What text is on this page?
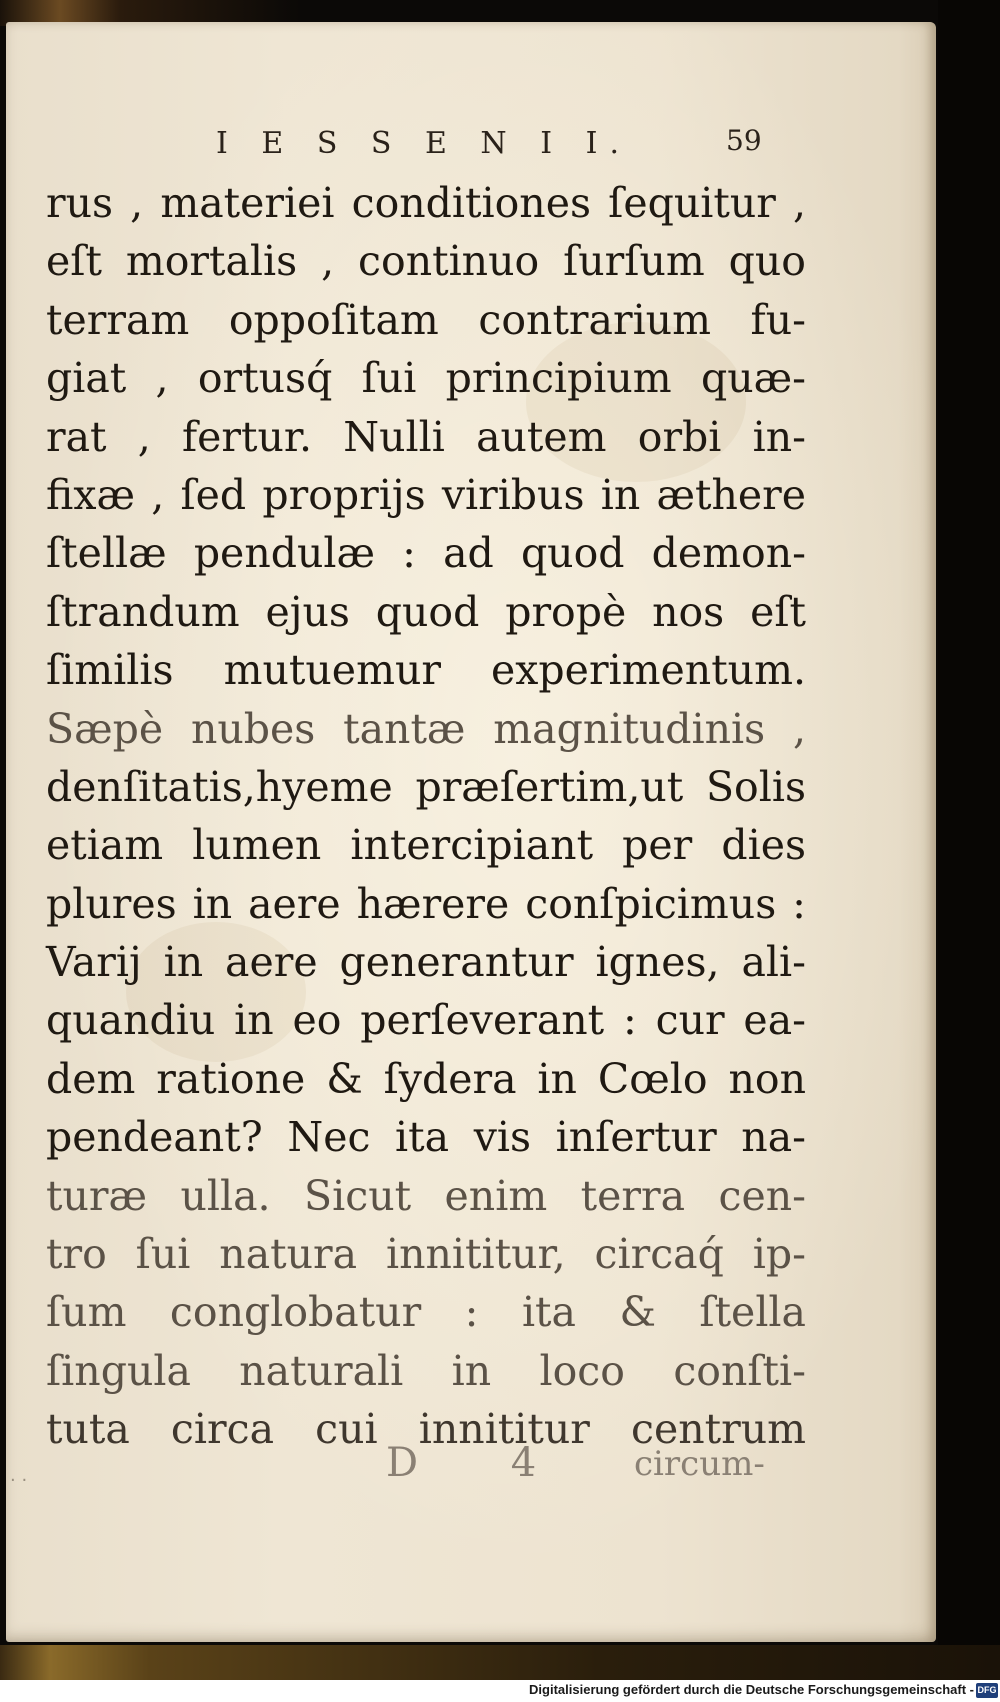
I E S S E N I I.	59
rus , materiei conditiones ſequitur ,
eſt mortalis , continuo ſurſum quo
terram oppoſitam contrarium fu-
giat , ortusq́ ſui principium quæ-
rat , fertur. Nulli autem orbi in-
fixæ , ſed proprijs viribus in æthere
ſtellæ pendulæ : ad quod demon-
ſtrandum ejus quod propè nos eſt
ſimilis mutuemur experimentum.
Sæpè nubes tantæ magnitudinis ,
denſitatis,hyeme præſertim,ut Solis
etiam lumen intercipiant per dies
plures in aere hærere conſpicimus :
Varij in aere generantur ignes, ali-
quandiu in eo perſeverant : cur ea-
dem ratione & ſydera in Cœlo non
pendeant? Nec ita vis inſertur na-
turæ ulla. Sicut enim terra cen-
tro ſui natura innititur, circaq́ ip-
ſum conglobatur : ita & ſtella
ſingula naturali in loco conſti-
tuta circa cui innititur centrum
D 4 circum-
· ·
Digitalisierung gefördert durch die Deutsche Forschungsgemeinschaft - DFG
